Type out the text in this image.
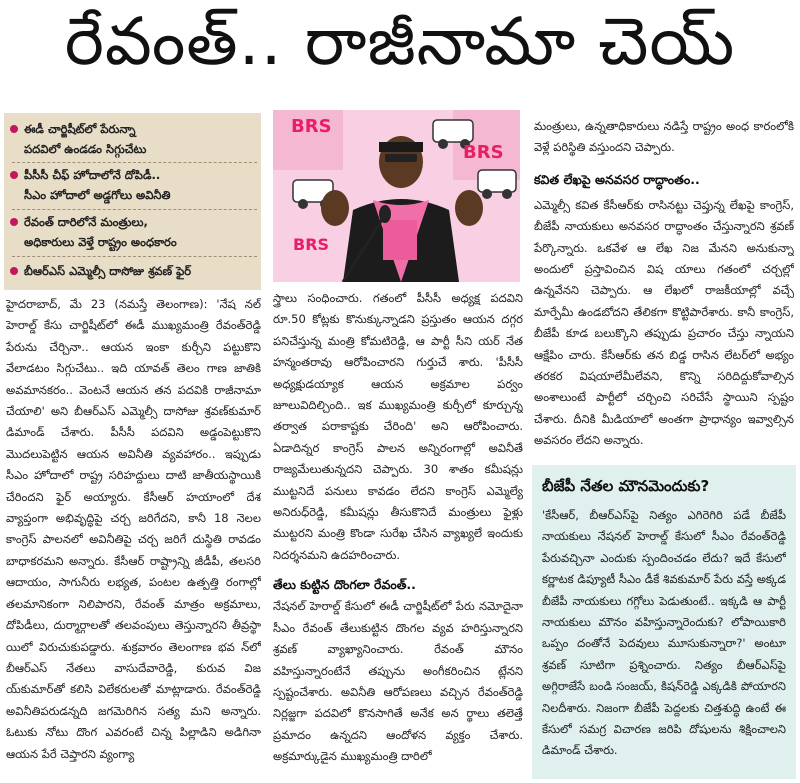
రేవంత్.. రాజీనామా చెయ్
ఈడీ చార్జిషీట్‌లో పేరున్నా
పదవిలో ఉండడం సిగ్గుచేటు
పీసీసీ చీఫ్‌ హోదాలోనే దోపిడీ..
సీఎం హోదాలో అడ్డగోలు అవినీతి
రేవంత్ దారిలోనే మంత్రులు,
అధికారులు వెళ్తే రాష్ట్రం అంధకారం
బీఆర్ఎస్ ఎమ్మెల్సీ దాసోజు శ్రవణ్ ఫైర్
హైదరాబాద్, మే 23 (నమస్తే తెలంగాణ): 'నేష నల్ హెరాల్డ్ కేసు చార్జిషీట్‌లో ఈడీ ముఖ్యమంత్రి రేవంత్‌రెడ్డి పేరును చేర్చినా.. ఆయన ఇంకా కుర్చీని పట్టుకొని వేలాడటం సిగ్గుచేటు.. ఇది యావత్ తెలం గాణ జాతికి అవమానకరం.. వెంటనే ఆయన తన పదవికి రాజీనామా చేయాలి' అని బీఆర్‌ఎస్ ఎమ్మెల్సీ దాసోజు శ్రవణ్‌కుమార్ డిమాండ్ చేశారు. పీసీసీ పదవిని అడ్డంపెట్టుకొని మొదలుపెట్టిన ఆయన అవినీతి వ్యవహారం.. ఇప్పుడు సీఎం హోదాలో రాష్ట్ర సరిహద్దులు దాటి జాతీయస్థాయికి చేరిందని ఫైర్ అయ్యారు. కేసీఆర్ హయాంలో దేశ వ్యాప్తంగా అభివృద్ధిపై చర్చ జరిగేదని, కానీ 18 నెలల కాంగ్రెస్ పాలనలో అవినీతిపై చర్చ జరిగే దుస్థితి రావడం బాధాకరమని అన్నారు. కేసీఆర్ రాష్ట్రాన్ని జీడీపీ, తలసరి ఆదాయం, సాగునీరు లభ్యత, పంటల ఉత్పత్తి రంగాల్లో తలమానికంగా నిలిపారని, రేవంత్ మాత్రం అక్రమాలు, దోపిడీలు, దుర్మార్గాలతో తలవంపులు తెస్తున్నారని తీవ్రస్థా యిలో విరుచుకుపడ్డారు. శుక్రవారం తెలంగాణ భవ న్‌లో బీఆర్‌ఎస్ నేతలు వాసుదేవారెడ్డి, కురువ విజ య్‌కుమార్‌తో కలిసి విలేకరులతో మాట్లాడారు. రేవంత్‌రెడ్డి అవినీతిపరుడన్నది జగమెరిగిన సత్య మని అన్నారు. ఓటుకు నోటు దొంగ ఎవరంటే చిన్న పిల్లాడిని అడిగినా ఆయన పేరే చెప్తారని వ్యంగ్యా
BRS
BRS
BRS
స్త్రాలు సంధించారు. గతంలో పీసీసీ అధ్యక్ష పదవిని రూ.50 కోట్లకు కొనుక్కున్నాడని ప్రస్తుతం ఆయన దగ్గర పనిచేస్తున్న మంత్రి కోమటిరెడ్డి, ఆ పార్టీ సీని యర్ నేత హన్మంతరావు ఆరోపించారని గుర్తుచే శారు. 'పీసీసీ అధ్యక్షుడయ్యాక ఆయన అక్రమాల పర్వం జూలువిదిల్చింది.. ఇక ముఖ్యమంత్రి కుర్చీలో కూర్చున్న తర్వాత పరాకాష్టకు చేరింది' అని ఆరోపించారు. ఏడాదిన్నర కాంగ్రెస్ పాలన అన్నిరంగాల్లో అవినీతే రాజ్యమేలుతున్నదని చెప్పారు. 30 శాతం కమీషన్లు ముట్టనిదే పనులు కావడం లేదని కాంగ్రెస్ ఎమ్మెల్యే అనిరుధ్‌రెడ్డి, కమీషన్లు తీసుకొనిదే మంత్రులు ఫైళ్లు ముట్టరని మంత్రి కొండా సురేఖ చేసిన వ్యాఖ్యలే ఇందుకు నిదర్శనమని ఉదహరించారు.
తేలు కుట్టిన దొంగలా రేవంత్..
నేషనల్ హెరాల్డ్ కేసులో ఈడీ చార్జిషీట్‌లో పేరు నమోదైనా సీఎం రేవంత్ తేలుకుట్టిన దొంగల వ్యవ హరిస్తున్నారని శ్రవణ్ వ్యాఖ్యానించారు. రేవంత్ మౌనం వహిస్తున్నారంటేనే తప్పును అంగీకరించిన ట్లేనని స్పష్టంచేశారు. అవినీతి ఆరోపణలు వచ్చిన రేవంత్‌రెడ్డి నిర్లజ్జగా పదవిలో కొనసాగితే అనేక అన ర్థాలు తలెత్తే ప్రమాదం ఉన్నదని ఆందోళన వ్యక్తం చేశారు. అక్రమార్కుడైన ముఖ్యమంత్రి దారిలో
మంత్రులు, ఉన్నతాధికారులు నడిస్తే రాష్ట్రం అంధ కారంలోకి వెళ్లే పరిస్థితి వస్తుందని చెప్పారు.
కవిత లేఖపై అనవసర రాద్ధాంతం..
ఎమ్మెల్సీ కవిత కేసీఆర్‌కు రాసినట్టు చెప్తున్న లేఖపై కాంగ్రెస్, బీజేపీ నాయకులు అనవసర రాద్ధాంతం చేస్తున్నారని శ్రవణ్ పేర్కొన్నారు. ఒకవేళ ఆ లేఖ నిజ మేనని అనుకున్నా అందులో ప్రస్తావించిన విష యాలు గతంలో చర్చల్లో ఉన్నవేనని చెప్పారు. ఆ లేఖలో రాజకీయాల్లో వచ్చే మార్పేమీ ఉండబోదని తేలికగా కొట్టిపారేశారు. కానీ కాంగ్రెస్, బీజేపీ కూడ బలుక్కొని తప్పుడు ప్రచారం చేస్తు న్నాయని ఆక్షేపిం చారు. కేసీఆర్‌కు తన బిడ్డ రాసిన లేటర్‌లో అభ్యం తరకర విషయాలేమీలేవని, కొన్ని సరిదిద్దుకోవాల్సిన అంశాలుంటే పార్టీలో చర్చించి సరిచేసే స్థాయిని స్పష్టం చేశారు. దీనికి మీడియాలో అంతగా ప్రాధాన్యం ఇవ్వాల్సిన అవసరం లేదని అన్నారు.
బీజేపీ నేతల మౌనమెందుకు?
'కేసీఆర్, బీఆర్‌ఎస్‌పై నిత్యం ఎగిరెగిరి పడే బీజేపీ నాయకులు నేషనల్ హెరాల్డ్ కేసులో సీఎం రేవంత్‌రెడ్డి పేరువచ్చినా ఎందుకు స్పందించడం లేదు? ఇదే కేసులో కర్ణాటక డిప్యూటీ సీఎం డీకే శివకుమార్ పేరు వస్తే అక్కడ బీజేపీ నాయకులు గగ్గోలు పెడుతుంటే.. ఇక్కడి ఆ పార్టీ నాయకులు మౌనం వహిస్తున్నారెందుకు? లోపాయికారి ఒప్పం దంతోనే పెదవులు మూసుకున్నారా?' అంటూ శ్రవణ్ సూటిగా ప్రశ్నించారు. నిత్యం బీఆర్‌ఎస్‌పై అగ్గిరాజేసే బండి సంజయ్, కిషన్‌రెడ్డి ఎక్కడికి పోయారని నిలదీశారు. నిజంగా బీజేపీ పెద్దలకు చిత్తశుద్ధి ఉంటే ఈ కేసులో సమగ్ర విచారణ జరిపి దోషులను శిక్షించాలని డిమాండ్ చేశారు.
